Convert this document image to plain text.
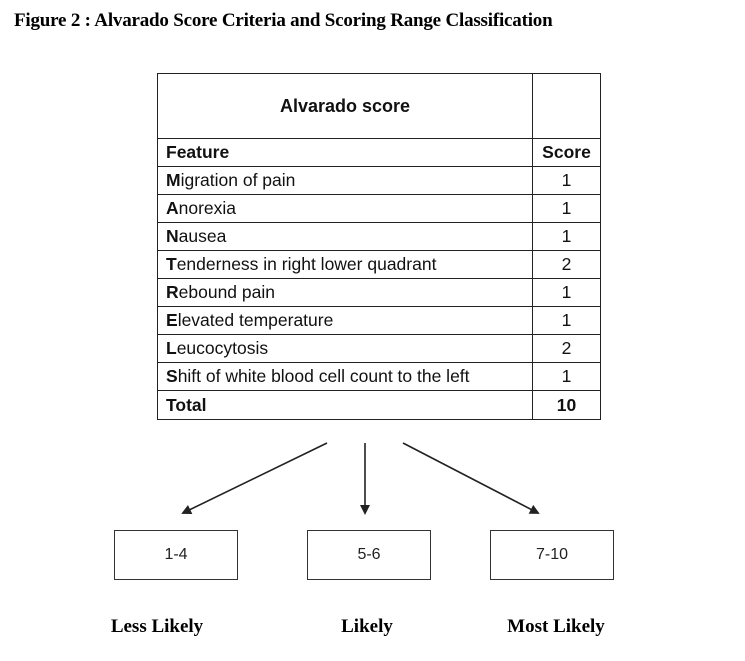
Figure 2 : Alvarado Score Criteria and Scoring Range Classification
Alvarado score	
Feature	Score
Migration of pain	1
Anorexia	1
Nausea	1
Tenderness in right lower quadrant	2
Rebound pain	1
Elevated temperature	1
Leucocytosis	2
Shift of white blood cell count to the left	1
Total	10
1-4	5-6	7-10
Less Likely	Likely	Most Likely
